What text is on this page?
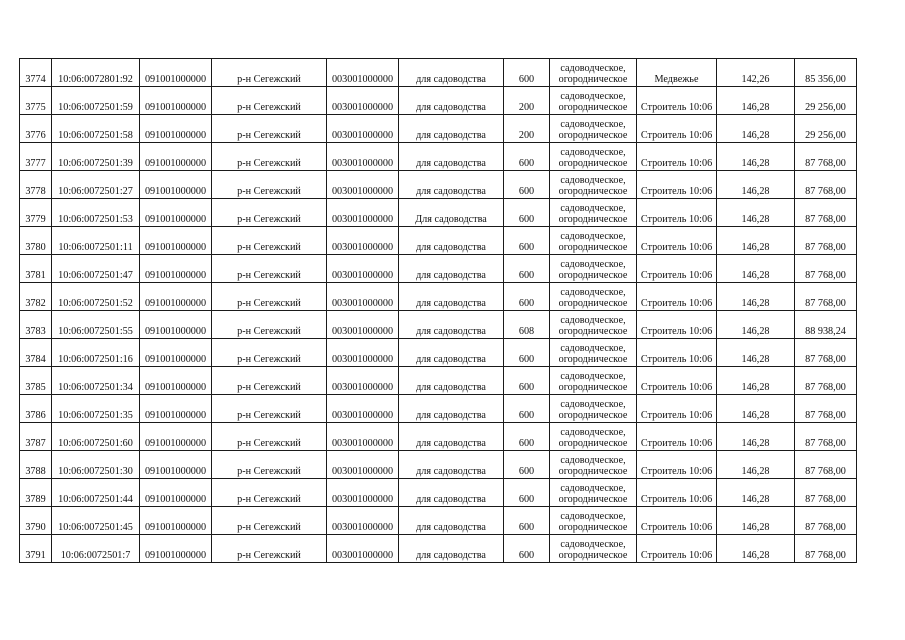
3774	10:06:0072801:92	091001000000	р-н Сегежский	003001000000	для садоводства	600	садоводческое,
огородническое	Медвежье	142,26	85 356,00
3775	10:06:0072501:59	091001000000	р-н Сегежский	003001000000	для садоводства	200	садоводческое,
огородническое	Строитель 10:06	146,28	29 256,00
3776	10:06:0072501:58	091001000000	р-н Сегежский	003001000000	для садоводства	200	садоводческое,
огородническое	Строитель 10:06	146,28	29 256,00
3777	10:06:0072501:39	091001000000	р-н Сегежский	003001000000	для садоводства	600	садоводческое,
огородническое	Строитель 10:06	146,28	87 768,00
3778	10:06:0072501:27	091001000000	р-н Сегежский	003001000000	для садоводства	600	садоводческое,
огородническое	Строитель 10:06	146,28	87 768,00
3779	10:06:0072501:53	091001000000	р-н Сегежский	003001000000	Для садоводства	600	садоводческое,
огородническое	Строитель 10:06	146,28	87 768,00
3780	10:06:0072501:11	091001000000	р-н Сегежский	003001000000	для садоводства	600	садоводческое,
огородническое	Строитель 10:06	146,28	87 768,00
3781	10:06:0072501:47	091001000000	р-н Сегежский	003001000000	для садоводства	600	садоводческое,
огородническое	Строитель 10:06	146,28	87 768,00
3782	10:06:0072501:52	091001000000	р-н Сегежский	003001000000	для садоводства	600	садоводческое,
огородническое	Строитель 10:06	146,28	87 768,00
3783	10:06:0072501:55	091001000000	р-н Сегежский	003001000000	для садоводства	608	садоводческое,
огородническое	Строитель 10:06	146,28	88 938,24
3784	10:06:0072501:16	091001000000	р-н Сегежский	003001000000	для садоводства	600	садоводческое,
огородническое	Строитель 10:06	146,28	87 768,00
3785	10:06:0072501:34	091001000000	р-н Сегежский	003001000000	для садоводства	600	садоводческое,
огородническое	Строитель 10:06	146,28	87 768,00
3786	10:06:0072501:35	091001000000	р-н Сегежский	003001000000	для садоводства	600	садоводческое,
огородническое	Строитель 10:06	146,28	87 768,00
3787	10:06:0072501:60	091001000000	р-н Сегежский	003001000000	для садоводства	600	садоводческое,
огородническое	Строитель 10:06	146,28	87 768,00
3788	10:06:0072501:30	091001000000	р-н Сегежский	003001000000	для садоводства	600	садоводческое,
огородническое	Строитель 10:06	146,28	87 768,00
3789	10:06:0072501:44	091001000000	р-н Сегежский	003001000000	для садоводства	600	садоводческое,
огородническое	Строитель 10:06	146,28	87 768,00
3790	10:06:0072501:45	091001000000	р-н Сегежский	003001000000	для садоводства	600	садоводческое,
огородническое	Строитель 10:06	146,28	87 768,00
3791	10:06:0072501:7	091001000000	р-н Сегежский	003001000000	для садоводства	600	садоводческое,
огородническое	Строитель 10:06	146,28	87 768,00
